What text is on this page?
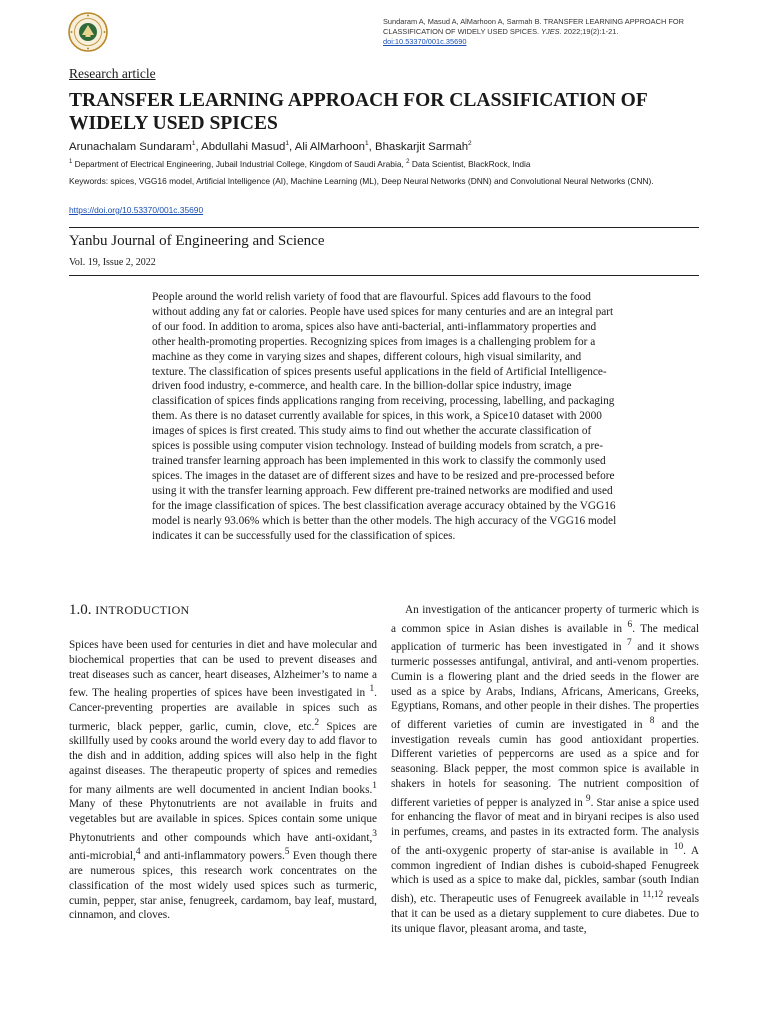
Sundaram A, Masud A, AlMarhoon A, Sarmah B. TRANSFER LEARNING APPROACH FOR CLASSIFICATION OF WIDELY USED SPICES. YJES. 2022;19(2):1-21.
doi:10.53370/001c.35690
Research article
TRANSFER LEARNING APPROACH FOR CLASSIFICATION OF WIDELY USED SPICES
Arunachalam Sundaram$^1$, Abdullahi Masud$^1$, Ali AlMarhoon$^1$, Bhaskarjit Sarmah$^2$
$^1$ Department of Electrical Engineering, Jubail Industrial College, Kingdom of Saudi Arabia, $^2$ Data Scientist, BlackRock, India
Keywords: spices, VGG16 model, Artificial Intelligence (AI), Machine Learning (ML), Deep Neural Networks (DNN) and Convolutional Neural Networks (CNN).
https://doi.org/10.53370/001c.35690
Yanbu Journal of Engineering and Science
Vol. 19, Issue 2, 2022

People around the world relish variety of food that are flavourful. Spices add flavours to the food without adding any fat or calories. People have used spices for many centuries and are an integral part of our food. In addition to aroma, spices also have anti-bacterial, anti-inflammatory properties and other health-promoting properties. Recognizing spices from images is a challenging problem for a machine as they come in varying sizes and shapes, different colours, high visual similarity, and texture. The classification of spices presents useful applications in the field of Artificial Intelligence-driven food industry, e-commerce, and health care. In the billion-dollar spice industry, image classification of spices finds applications ranging from receiving, processing, labelling, and packaging them. As there is no dataset currently available for spices, in this work, a Spice10 dataset with 2000 images of spices is first created. This study aims to find out whether the accurate classification of spices is possible using computer vision technology. Instead of building models from scratch, a pre-trained transfer learning approach has been implemented in this work to classify the commonly used spices. The images in the dataset are of different sizes and have to be resized and pre-processed before using it with the transfer learning approach. Few different pre-trained networks are modified and used for the image classification of spices. The best classification average accuracy obtained by the VGG16 model is nearly 93.06% which is better than the other models. The high accuracy of the VGG16 model indicates it can be successfully used for the classification of spices.

1.0. INTRODUCTION

Spices have been used for centuries in diet and have molecular and biochemical properties that can be used to prevent diseases and treat diseases such as cancer, heart diseases, Alzheimer’s to name a few. The healing properties of spices have been investigated in $^1$. Cancer-preventing properties are available in spices such as turmeric, black pepper, garlic, cumin, clove, etc.$^2$ Spices are skillfully used by cooks around the world every day to add flavor to the dish and in addition, adding spices will also help in the fight against diseases. The therapeutic property of spices and remedies for many ailments are well documented in ancient Indian books.$^1$ Many of these Phytonutrients are not available in fruits and vegetables but are available in spices. Spices contain some unique Phytonutrients and other compounds which have anti-oxidant,$^3$ anti-microbial,$^4$ and anti-inflammatory powers.$^5$ Even though there are numerous spices, this research work concentrates on the classification of the most widely used spices such as turmeric, cumin, pepper, star anise, fenugreek, cardamom, bay leaf, mustard, cinnamon, and cloves.

An investigation of the anticancer property of turmeric which is a common spice in Asian dishes is available in $^6$. The medical application of turmeric has been investigated in $^7$ and it shows turmeric possesses antifungal, antiviral, and anti-venom properties. Cumin is a flowering plant and the dried seeds in the flower are used as a spice by Arabs, Indians, Africans, Americans, Greeks, Egyptians, Romans, and other people in their dishes. The properties of different varieties of cumin are investigated in $^8$ and the investigation reveals cumin has good antioxidant properties. Different varieties of peppercorns are used as a spice and for seasoning. Black pepper, the most common spice is available in shakers in hotels for seasoning. The nutrient composition of different varieties of pepper is analyzed in $^9$. Star anise a spice used for enhancing the flavor of meat and in biryani recipes is also used in perfumes, creams, and pastes in its extracted form. The analysis of the anti-oxygenic property of star-anise is available in $^{10}$. A common ingredient of Indian dishes is cuboid-shaped Fenugreek which is used as a spice to make dal, pickles, sambar (south Indian dish), etc. Therapeutic uses of Fenugreek available in $^{11,12}$ reveals that it can be used as a dietary supplement to cure diabetes. Due to its unique flavor, pleasant aroma, and taste,
